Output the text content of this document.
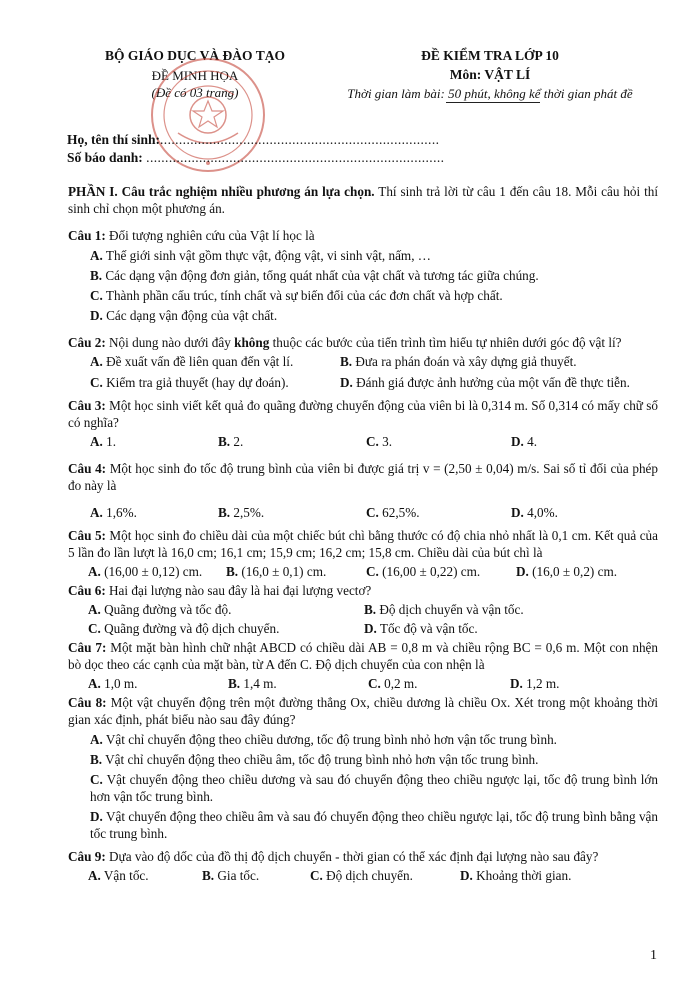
BỘ GIÁO DỤC VÀ ĐÀO TẠO
ĐỀ MINH HỌA
(Đề có 03 trang)
ĐỀ KIỂM TRA LỚP 10
Môn: VẬT LÍ
Thời gian làm bài: 50 phút, không kể thời gian phát đề
Họ, tên thí sinh:..........................................................................
Số báo danh: ...............................................................................
PHẦN I. Câu trắc nghiệm nhiều phương án lựa chọn. Thí sinh trả lời từ câu 1 đến câu 18. Mỗi câu hỏi thí sinh chỉ chọn một phương án.
Câu 1: Đối tượng nghiên cứu của Vật lí học là
A. Thế giới sinh vật gồm thực vật, động vật, vi sinh vật, nấm, …
B. Các dạng vận động đơn giản, tổng quát nhất của vật chất và tương tác giữa chúng.
C. Thành phần cấu trúc, tính chất và sự biến đổi của các đơn chất và hợp chất.
D. Các dạng vận động của vật chất.
Câu 2: Nội dung nào dưới đây không thuộc các bước của tiến trình tìm hiểu tự nhiên dưới góc độ vật lí?
A. Đề xuất vấn đề liên quan đến vật lí.	B. Đưa ra phán đoán và xây dựng giả thuyết.
C. Kiểm tra giả thuyết (hay dự đoán).	D. Đánh giá được ảnh hưởng của một vấn đề thực tiễn.
Câu 3: Một học sinh viết kết quả đo quãng đường chuyển động của viên bi là 0,314 m. Số 0,314 có mấy chữ số có nghĩa?
A. 1.	B. 2.	C. 3.	D. 4.
Câu 4: Một học sinh đo tốc độ trung bình của viên bi được giá trị v = (2,50 ± 0,04) m/s. Sai số tỉ đối của phép đo này là
A. 1,6%.	B. 2,5%.	C. 62,5%.	D. 4,0%.
Câu 5: Một học sinh đo chiều dài của một chiếc bút chì bằng thước có độ chia nhỏ nhất là 0,1 cm. Kết quả của 5 lần đo lần lượt là 16,0 cm; 16,1 cm; 15,9 cm; 16,2 cm; 15,8 cm. Chiều dài của bút chì là
A. (16,00 ± 0,12) cm.	B. (16,0 ± 0,1) cm.	C. (16,00 ± 0,22) cm.	D. (16,0 ± 0,2) cm.
Câu 6: Hai đại lượng nào sau đây là hai đại lượng vectơ?
A. Quãng đường và tốc độ.	B. Độ dịch chuyển và vận tốc.
C. Quãng đường và độ dịch chuyển.	D. Tốc độ và vận tốc.
Câu 7: Một mặt bàn hình chữ nhật ABCD có chiều dài AB = 0,8 m và chiều rộng BC = 0,6 m. Một con nhện bò dọc theo các cạnh của mặt bàn, từ A đến C. Độ dịch chuyển của con nhện là
A. 1,0 m.	B. 1,4 m.	C. 0,2 m.	D. 1,2 m.
Câu 8: Một vật chuyển động trên một đường thẳng Ox, chiều dương là chiều Ox. Xét trong một khoảng thời gian xác định, phát biểu nào sau đây đúng?
A. Vật chỉ chuyển động theo chiều dương, tốc độ trung bình nhỏ hơn vận tốc trung bình.
B. Vật chỉ chuyển động theo chiều âm, tốc độ trung bình nhỏ hơn vận tốc trung bình.
C. Vật chuyển động theo chiều dương và sau đó chuyển động theo chiều ngược lại, tốc độ trung bình lớn hơn vận tốc trung bình.
D. Vật chuyển động theo chiều âm và sau đó chuyển động theo chiều ngược lại, tốc độ trung bình bằng vận tốc trung bình.
Câu 9: Dựa vào độ dốc của đồ thị độ dịch chuyển - thời gian có thể xác định đại lượng nào sau đây?
A. Vận tốc.	B. Gia tốc.	C. Độ dịch chuyển.	D. Khoảng thời gian.
1
